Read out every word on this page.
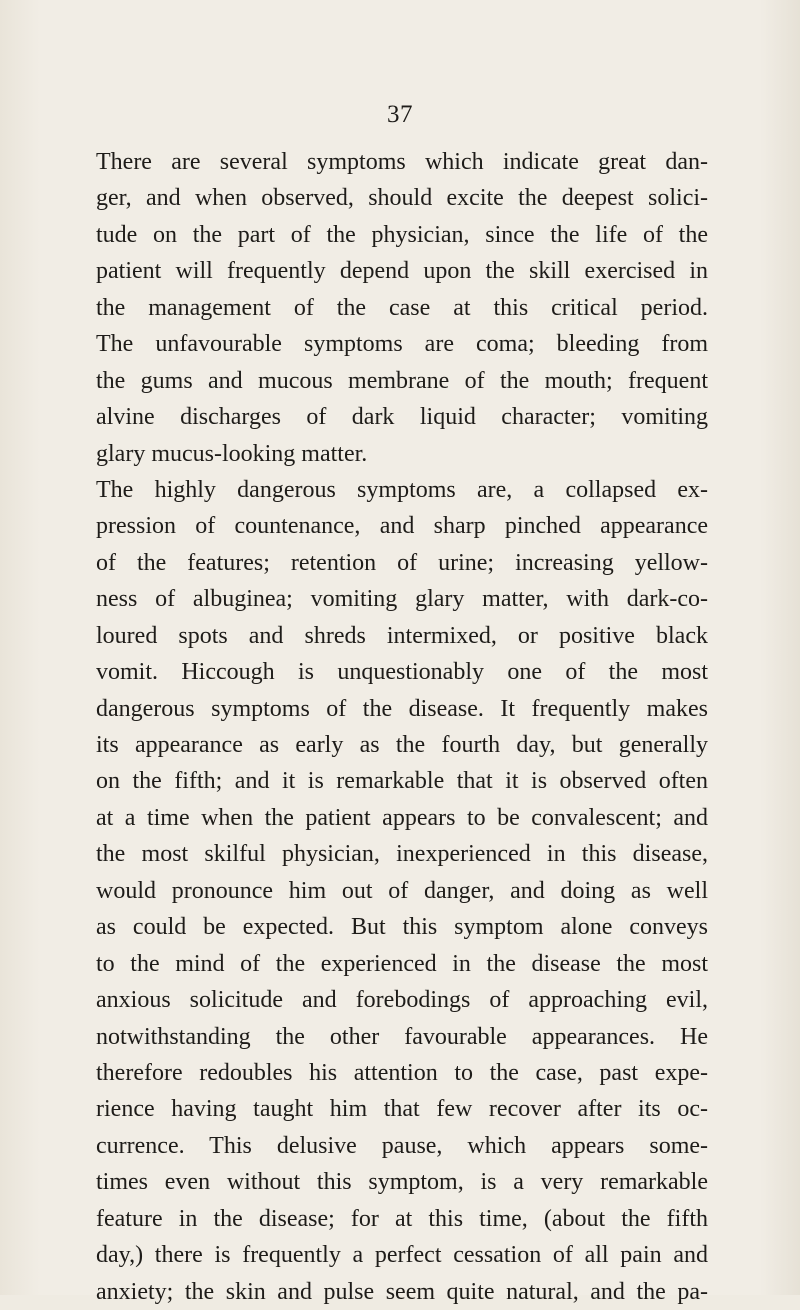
37
There are several symptoms which indicate great dan-
ger, and when observed, should excite the deepest solici-
tude on the part of the physician, since the life of the
patient will frequently depend upon the skill exercised in
the management of the case at this critical period.
The unfavourable symptoms are coma; bleeding from
the gums and mucous membrane of the mouth; frequent
alvine discharges of dark liquid character; vomiting
glary mucus-looking matter.
The highly dangerous symptoms are, a collapsed ex-
pression of countenance, and sharp pinched appearance
of the features; retention of urine; increasing yellow-
ness of albuginea; vomiting glary matter, with dark-co-
loured spots and shreds intermixed, or positive black
vomit. Hiccough is unquestionably one of the most
dangerous symptoms of the disease. It frequently makes
its appearance as early as the fourth day, but generally
on the fifth; and it is remarkable that it is observed often
at a time when the patient appears to be convalescent; and
the most skilful physician, inexperienced in this disease,
would pronounce him out of danger, and doing as well
as could be expected. But this symptom alone conveys
to the mind of the experienced in the disease the most
anxious solicitude and forebodings of approaching evil,
notwithstanding the other favourable appearances. He
therefore redoubles his attention to the case, past expe-
rience having taught him that few recover after its oc-
currence. This delusive pause, which appears some-
times even without this symptom, is a very remarkable
feature in the disease; for at this time, (about the fifth
day,) there is frequently a perfect cessation of all pain and
anxiety; the skin and pulse seem quite natural, and the pa-
